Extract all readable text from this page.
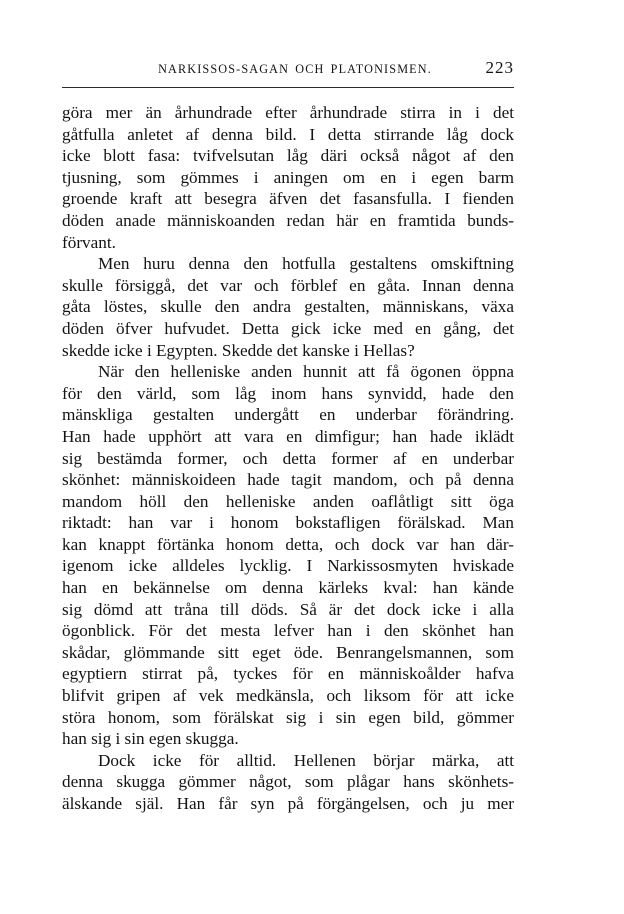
NARKISSOS-SAGAN OCH PLATONISMEN.	223
göra mer än århundrade efter århundrade stirra in i det
gåtfulla anletet af denna bild. I detta stirrande låg dock
icke blott fasa: tvifvelsutan låg däri också något af den
tjusning, som gömmes i aningen om en i egen barm
groende kraft att besegra äfven det fasansfulla. I fienden
döden anade människoanden redan här en framtida bunds-
förvant.
Men huru denna den hotfulla gestaltens omskiftning
skulle försiggå, det var och förblef en gåta. Innan denna
gåta löstes, skulle den andra gestalten, människans, växa
döden öfver hufvudet. Detta gick icke med en gång, det
skedde icke i Egypten. Skedde det kanske i Hellas?
När den helleniske anden hunnit att få ögonen öppna
för den värld, som låg inom hans synvidd, hade den
mänskliga gestalten undergått en underbar förändring.
Han hade upphört att vara en dimfigur; han hade iklädt
sig bestämda former, och detta former af en underbar
skönhet: människoideen hade tagit mandom, och på denna
mandom höll den helleniske anden oaflåtligt sitt öga
riktadt: han var i honom bokstafligen förälskad. Man
kan knappt förtänka honom detta, och dock var han där-
igenom icke alldeles lycklig. I Narkissosmyten hviskade
han en bekännelse om denna kärleks kval: han kände
sig dömd att tråna till döds. Så är det dock icke i alla
ögonblick. För det mesta lefver han i den skönhet han
skådar, glömmande sitt eget öde. Benrangelsmannen, som
egyptiern stirrat på, tyckes för en människoålder hafva
blifvit gripen af vek medkänsla, och liksom för att icke
störa honom, som förälskat sig i sin egen bild, gömmer
han sig i sin egen skugga.
Dock icke för alltid. Hellenen börjar märka, att
denna skugga gömmer något, som plågar hans skönhets-
älskande själ. Han får syn på förgängelsen, och ju mer
